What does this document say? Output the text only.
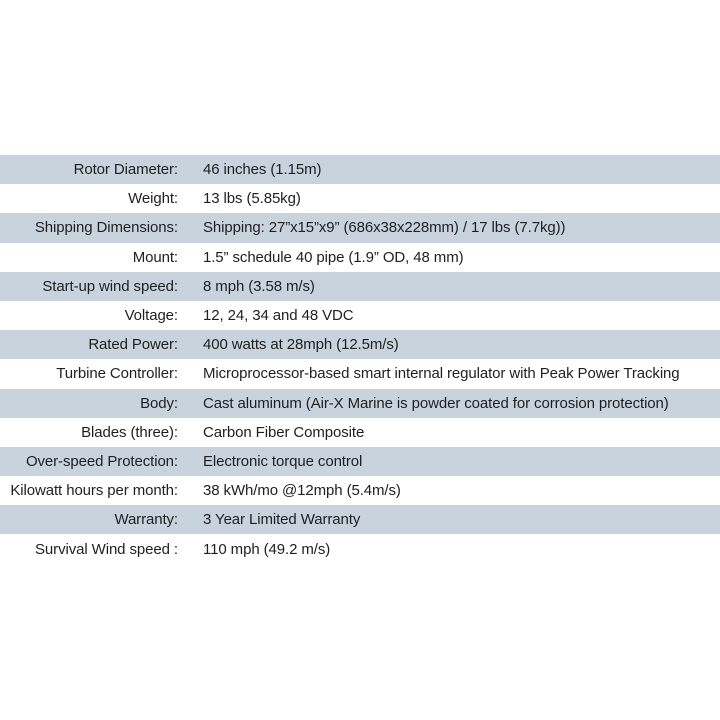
Rotor Diameter:	46 inches (1.15m)
Weight:	13 lbs (5.85kg)
Shipping Dimensions:	Shipping: 27”x15”x9” (686x38x228mm) / 17 lbs (7.7kg))
Mount:	1.5” schedule 40 pipe (1.9” OD, 48 mm)
Start-up wind speed:	8 mph (3.58 m/s)
Voltage:	12, 24, 34 and 48 VDC
Rated Power:	400 watts at 28mph (12.5m/s)
Turbine Controller:	Microprocessor-based smart internal regulator with Peak Power Tracking
Body:	Cast aluminum (Air-X Marine is powder coated for corrosion protection)
Blades (three):	Carbon Fiber Composite
Over-speed Protection:	Electronic torque control
Kilowatt hours per month:	38 kWh/mo @12mph (5.4m/s)
Warranty:	3 Year Limited Warranty
Survival Wind speed :	110 mph (49.2 m/s)
